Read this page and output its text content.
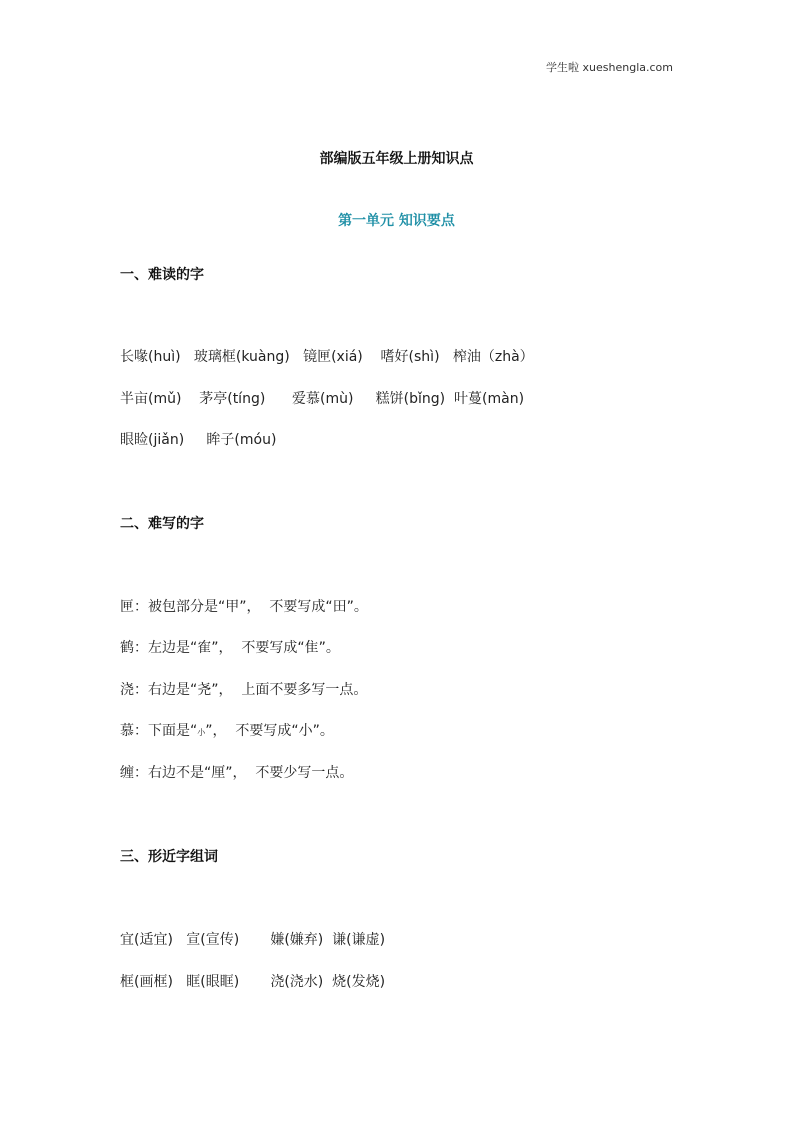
学生啦 xueshengla.com
部编版五年级上册知识点
第一单元 知识要点
一、难读的字
长喙(huì)   玻璃框(kuàng)   镜匣(xiá)    嗜好(shì)   榨油（zhà）
半亩(mǔ)    茅亭(tíng)      爱慕(mù)     糕饼(bǐng)  叶蔓(màn)
眼睑(jiǎn)     眸子(móu)
二、难写的字
匣：被包部分是“甲”，  不要写成“田”。
鹤：左边是“隺”，  不要写成“隹”。
浇：右边是“尧”，  上面不要多写一点。
慕：下面是“小”，  不要写成“小”。
缠：右边不是“厘”，  不要少写一点。
三、形近字组词
宜(适宜)   宣(宣传)       嫌(嫌弃)  谦(谦虚)
框(画框)   眶(眼眶)       浇(浇水)  烧(发烧)
